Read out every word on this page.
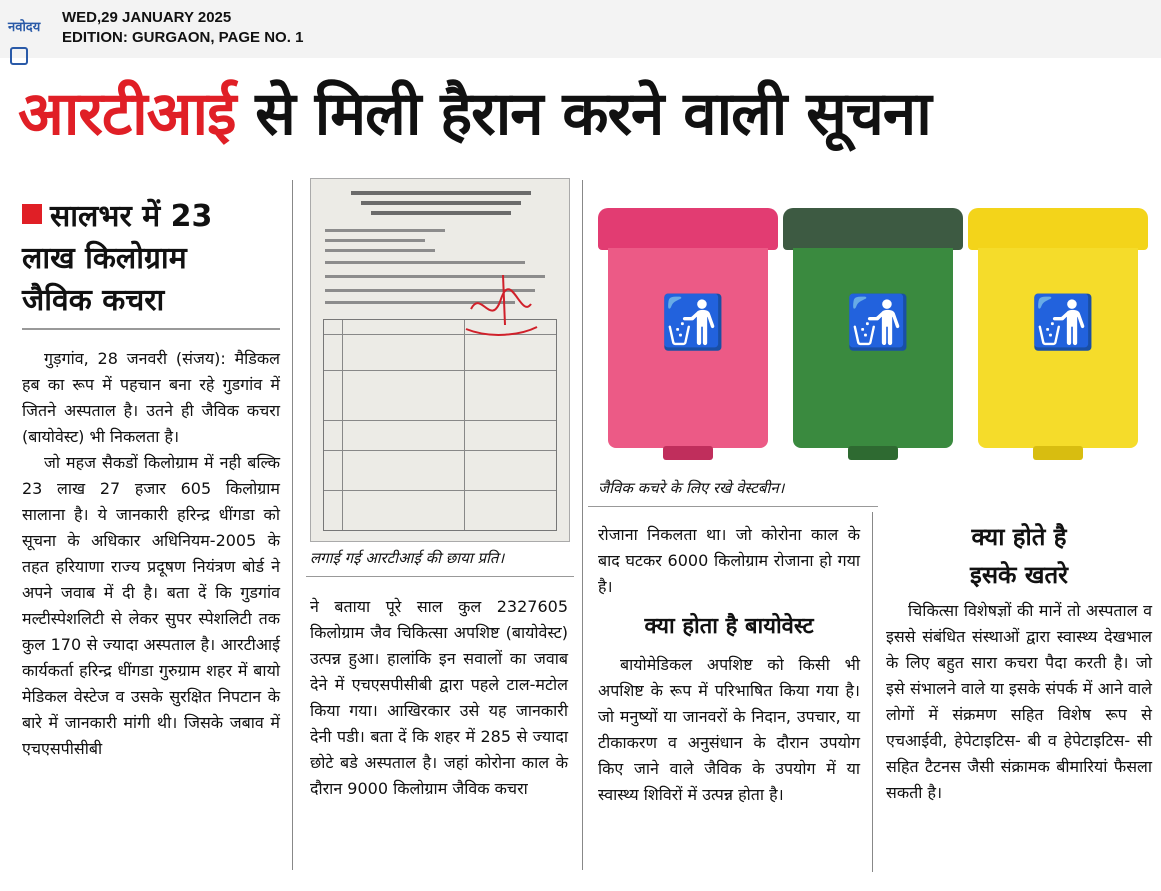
नवोदय
WED,29 JANUARY 2025
EDITION: GURGAON, PAGE NO. 1
आरटीआई से मिली हैरान करने वाली सूचना
सालभर में 23
लाख किलोग्राम
जैविक कचरा

गुड़गांव, 28 जनवरी (संजय): मैडिकल हब का रूप में पहचान बना रहे गुडगांव में जितने अस्पताल है। उतने ही जैविक कचरा (बायोवेस्ट) भी निकलता है।

जो महज सैकडों किलोग्राम में नही बल्कि 23 लाख 27 हजार 605 किलोग्राम सालाना है। ये जानकारी हरिन्द्र धींगडा को सूचना के अधिकार अधिनियम-2005 के तहत हरियाणा राज्य प्रदूषण नियंत्रण बोर्ड ने अपने जवाब में दी है। बता दें कि गुडगांव मल्टीस्पेशलिटी से लेकर सुपर स्पेशलिटी तक कुल 170 से ज्यादा अस्पताल है। आरटीआई कार्यकर्ता हरिन्द्र धींगडा गुरुग्राम शहर में बायो मेडिकल वेस्टेज व उसके सुरक्षित निपटान के बारे में जानकारी मांगी थी। जिसके जबाव में एचएसपीसीबी

लगाई गई आरटीआई की छाया प्रति।

ने बताया पूरे साल कुल 2327605 किलोग्राम जैव चिकित्सा अपशिष्ट (बायोवेस्ट) उत्पन्न हुआ। हालांकि इन सवालों का जवाब देने में एचएसपीसीबी द्वारा पहले टाल-मटोल किया गया। आखिरकार उसे यह जानकारी देनी पडी। बता दें कि शहर में 285 से ज्यादा छोटे बडे अस्पताल है। जहां कोरोना काल के दौरान 9000 किलोग्राम जैविक कचरा

🚮 🚮 🚮
जैविक कचरे के लिए रखे वेस्टबीन।

रोजाना निकलता था। जो कोरोना काल के बाद घटकर 6000 किलोग्राम रोजाना हो गया है।

क्या होता है बायोवेस्ट

बायोमेडिकल अपशिष्ट को किसी भी अपशिष्ट के रूप में परिभाषित किया गया है। जो मनुष्यों या जानवरों के निदान, उपचार, या टीकाकरण व अनुसंधान के दौरान उपयोग किए जाने वाले जैविक के उपयोग में या स्वास्थ्य शिविरों में उत्पन्न होता है।

क्या होते है
इसके खतरे

चिकित्सा विशेषज्ञों की मानें तो अस्पताल व इससे संबंधित संस्थाओं द्वारा स्वास्थ्य देखभाल के लिए बहुत सारा कचरा पैदा करती है। जो इसे संभालने वाले या इसके संपर्क में आने वाले लोगों में संक्रमण सहित विशेष रूप से एचआईवी, हेपेटाइटिस- बी व हेपेटाइटिस- सी सहित टैटनस जैसी संक्रामक बीमारियां फैसला सकती है।
